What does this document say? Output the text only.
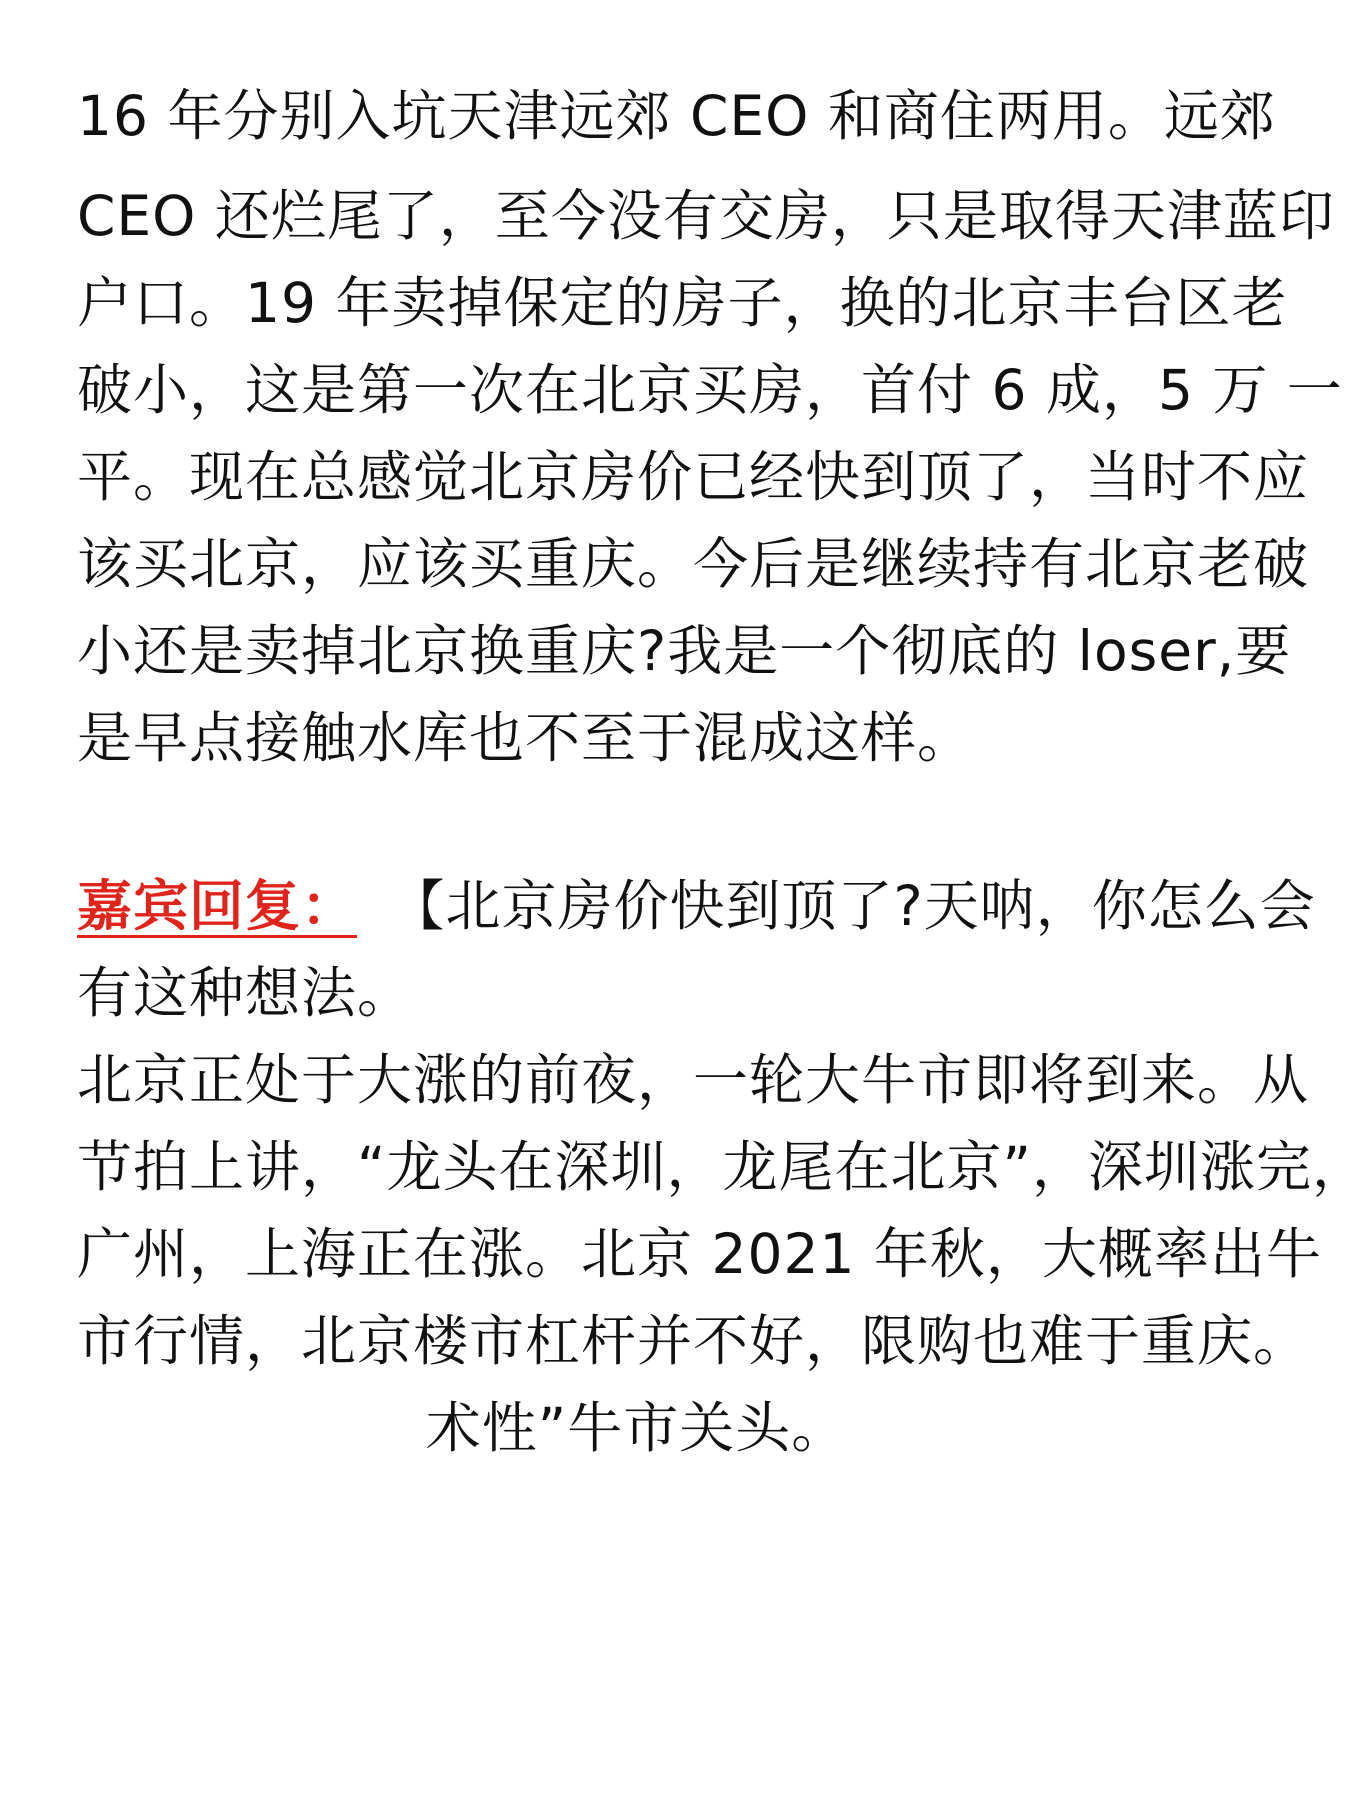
16 年分别入坑天津远郊 CEO 和商住两用。远郊
CEO 还烂尾了，至今没有交房，只是取得天津蓝印
户口。19 年卖掉保定的房子，换的北京丰台区老
破小，这是第一次在北京买房，首付 6 成，5 万 一
平。现在总感觉北京房价已经快到顶了，当时不应
该买北京，应该买重庆。今后是继续持有北京老破
小还是卖掉北京换重庆?我是一个彻底的 loser,要
是早点接触水库也不至于混成这样。
嘉宾回复： 【北京房价快到顶了?天呐，你怎么会
有这种想法。
北京正处于大涨的前夜，一轮大牛市即将到来。从
节拍上讲，“龙头在深圳，龙尾在北京”，深圳涨完，
广州，上海正在涨。北京 2021 年秋，大概率出牛
市行情，北京楼市杠杆并不好，限购也难于重庆。
术性”牛市关头。
